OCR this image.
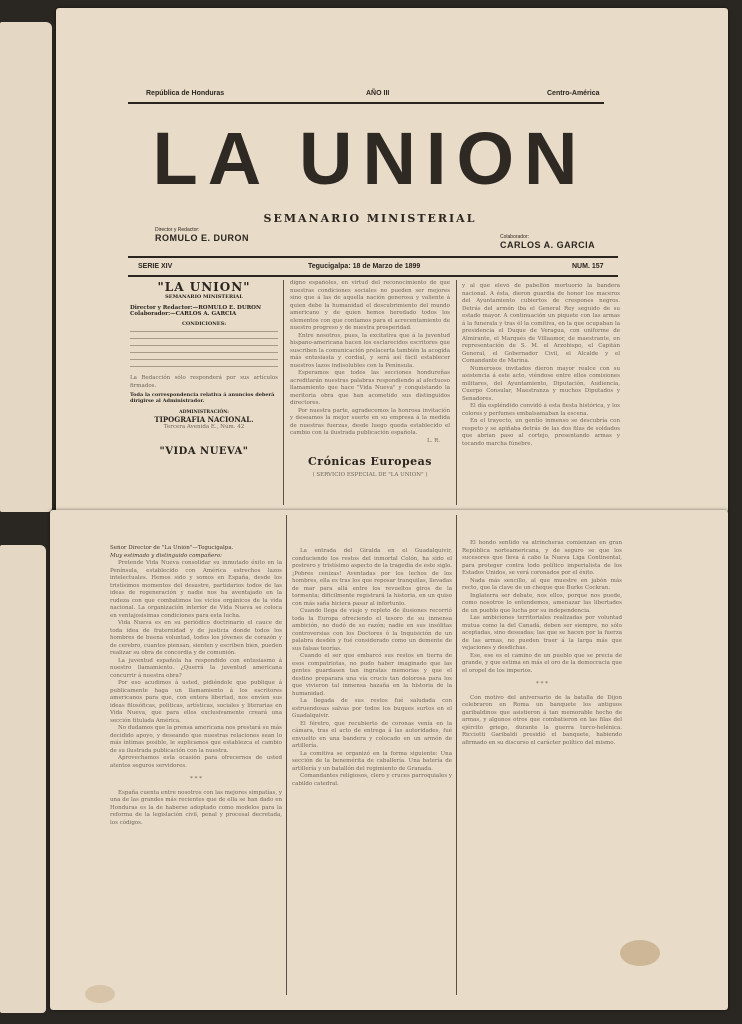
República de Honduras	AÑO III	Centro-América
LA UNION
SEMANARIO MINISTERIAL
Director y Redactor:
ROMULO E. DURON	Colaborador:
CARLOS A. GARCIA
SERIE XIV	Tegucigalpa: 18 de Marzo de 1899	NUM. 157
"LA UNION"
SEMANARIO MINISTERIAL
Director y Redactor:—ROMULO E. DURON
Colaborador:—CARLOS A. GARCIA
CONDICIONES:
La Redacción sólo responderá por sus artículos firmados.
Toda la correspondencia relativa á anuncios deberá dirigirse al Administrador.
ADMINISTRACIÓN:
TIPOGRAFIA NACIONAL.
Tercera Avenida E., Núm. 42
"VIDA NUEVA"

digno españoles, en virtud del reconocimiento de que nuestras condiciones sociales no pueden ser mejores sino que á las de aquella nación generosa y valiente á quien debe la humanidad el descubrimiento del mundo americano y de quien hemos heredado todos los elementos con que contamos para el acrecentamiento de nuestro progreso y de nuestra prosperidad.

Entre nosotros, pues, la excitativa que á la juventud hispano-americana hacen los esclarecidos escritores que suscriben la comunicación prelacerta también la acogida más entusiasta y cordial, y será así fácil establecer nuestros lazos indisolubles con la Península.

Esperamos que todos las secciones hondureñas acreditarán nuestras palabras respondiendo al afectuoso llamamiento que hace "Vida Nueva" y conquistando la meritoria obra que han acometido sus distinguidos directores.

Por nuestra parte, agradecemos la honrosa invitación y deseamos la mejor suerte en su empresa á la medida de nuestras fuerzas, desde luego queda establecido el cambio con la ilustrada publicación española.

L. R.

Crónicas Europeas
( SERVICIO ESPECIAL DE "LA UNION" )

y al que elevó de pabellón mortuorio la bandera nacional. A ésta, dieron guardia de honor los maceros del Ayuntamiento cubiertos de crespones negros. Detrás del armón iba el General Rey seguido de su estado mayor. A continuación un piquete con las armas á la funerala y tras él la comitiva, en la que ocupaban la presidencia el Duque de Veragua, con uniforme de Almirante, el Marqués de Villaamor, de maestrante, en representación de S. M. el Arzobispo, el Capitán General, el Gobernador Civil, el Alcalde y el Comandante de Marina.

Numerosos invitados dieron mayor realce con su asistencia á este acto, viéndose entre ellos comisiones militares, del Ayuntamiento, Diputación, Audiencia, Cuerpo Consular, Maestranza y muchos Diputados y Senadores.

El día espléndido convidó á esta fiesta histórica, y los colores y perfumes embalsamaban la escena.

En el trayecto, un gentío inmenso se descubría con respeto y se apiñaba detrás de las dos filas de soldados que abrían paso al cortejo, presentando armas y tocando marcha fúnebre.

Señor Director de "La Unión"—Tegucigalpa.

Muy estimado y distinguido compañero:

Pretende Vida Nueva consolidar su inmutado éxito en la Península, establecido con América estrechos lazos intelectuales. Hemos sido y somos en España, desde los tristísimos momentos del desastre, partidarios todos de las ideas de regeneración y nadie nos ha aventajado en la rudeza con que combatimos los vicios orgánicos de la vida nacional. La organización interior de Vida Nueva se coloca en ventajosísimas condiciones para esta lucha.

Vida Nueva es en su periódico doctrinario el cauce de toda idea de fraternidad y de justicia donde todos los hombres de buena voluntad, todos los jóvenes de corazón y de cerebro, cuantos piensan, sienten y escriben bien, pueden realizar su obra de concordia y de comunión.

La juventud española ha respondido con entusiasmo á nuestro llamamiento. ¿Querrá la juventud americana concurrir á nuestra obra?

Por eso acudimos á usted, pidiéndole que publique á publicamente haga un llamamiento á los escritores americanos para que, con entera libertad, nos envíen sus ideas filosóficas, políticas, artísticas, sociales y literarias en Vida Nueva, que para ellos exclusivamente creará una sección titulada América.

No dudamos que la prensa americana nos prestará su más decidido apoyo, y deseando que nuestras relaciones sean lo más íntimas posible, le suplicamos que establezca el cambio de su ilustrada publicación con la nuestra.

Aprovechamos esta ocasión para ofrecernos de usted atentos seguros servidores.

* * *

España cuenta entre nosotros con las mejores simpatías, y una de las grandes más recientes que de ella se han dado en Honduras es la de haberse adoptado como modelos para la reforma de la legislación civil, penal y procesal decretada, los códigos.

La entrada del Giralda en el Guadalquivir, conduciendo los restos del inmortal Colón, ha sido el postrero y tristísimo aspecto de la tragedia de este siglo. ¡Pobres cenizas! Aventadas por los lechos de los hombres, ella es tras los que reposar tranquilas, llevadas de mar para allá entre los revueltos giros de la tormenta; dificilmente registrará la historia, en un quiso con más saña hiciera pasar al infortunio.

Cuando llega de viaje y repleto de ilusiones recorrió toda la Europa ofreciendo el tesoro de su inmensa ambición, no dudó de su razón; nadie en sus insólitas controversias con los Doctores ó la Inquisición de un palabra desdén y fué considerado como un demente de sus falsas teorías.

Cuando el ser que embarcó sus restos en tierra de esos compatriotas, no pudo haber imaginado que las gentes guardasen tan ingratas memorias y que el destino preparara una vía crucis tan dolorosa para los que vivieron tal inmensa hazaña en la historia de la humanidad.

La llegada de sus restos fué saludada con estruendosas salvas por todos los buques surtos en el Guadalquivir.

El féretro, que recubierto de coronas venía en la cámara, tras el acto de entrega á las autoridades, fué envuelto en una bandera y colocado en un armón de artillería.

La comitiva se organizó en la forma siguiente: Una sección de la benemérita de caballería. Una batería de artillería y un batallón del regimiento de Granada.

Comandantes religiosos, clero y cruces parroquiales y cabildo catedral.

El hondo sentido va atrincheras comienzan en gran República norteamericana, y de seguro se que los sucesores que lleva á cabo la Nueva Liga Continental, para proteger contra todo político imperialista de los Estados Unidos, se verá coronados por el éxito.

Nada más sencillo, al que muestre en jabón más recto, que la clave de un cheque que Burke Cockran.

Inglaterra ser debate, nos ellos, porque nos puede, como nosotros lo entendemos, amenazar las libertades de un pueblo que lucha por su independencia.

Las ambiciones territoriales realizadas por voluntad mutua como la del Canadá, deben ser siempre, no sólo aceptadas, sino deseadas; las que se hacen por la fuerza de las armas, no pueden traer á la larga más que vejaciones y desdichas.

Ese, ese es el camino de un pueblo que se precia de grande, y que estima en más el oro de la democracia que el oropel de los imperios.

* * *

Con motivo del aniversario de la batalla de Dijon celebraron en Roma un banquete los antiguos garibaldinos que asistieron á tan memorable hecho de armas, y algunos otros que combatieron en las filas del ejército griego, durante la guerra turco-helénica. Ricciotti Garibaldi presidió el banquete, habiendo afirmado en su discurso el carácter político del mismo.
